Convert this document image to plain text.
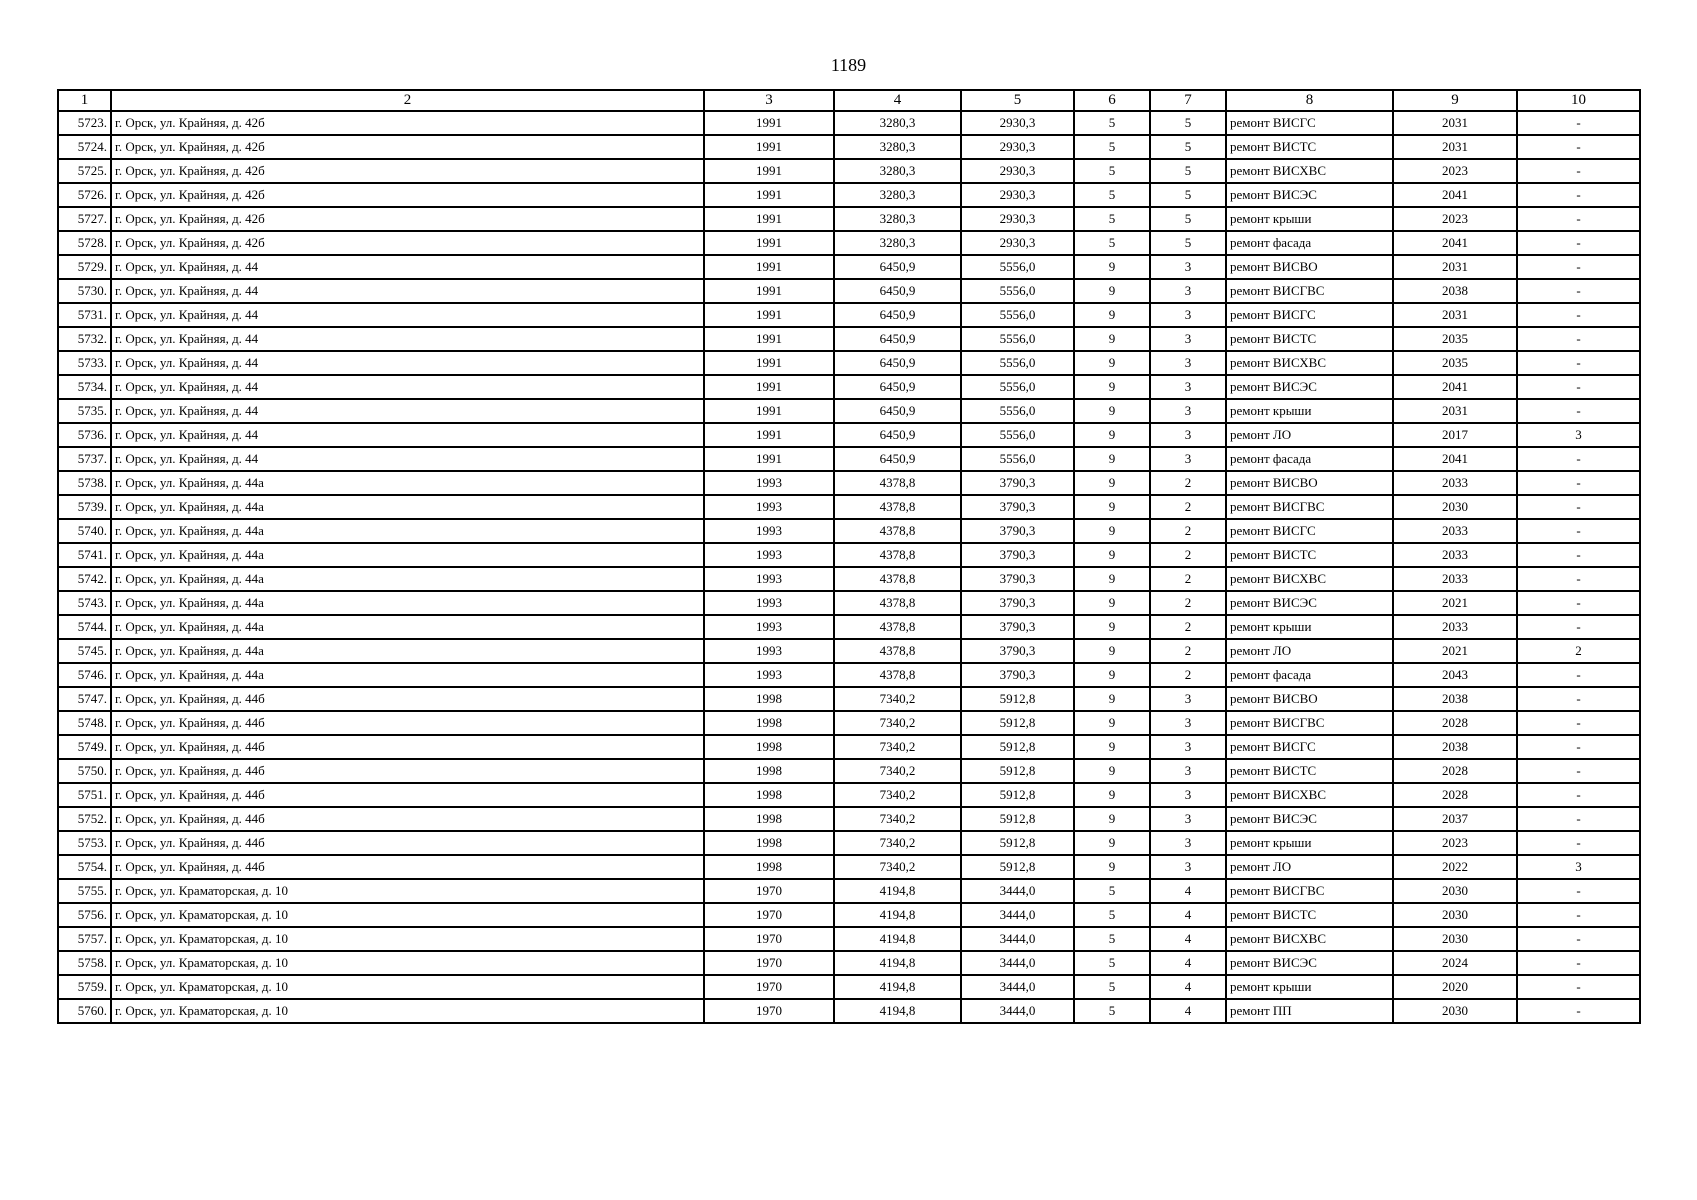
1189
1	2	3	4	5	6	7	8	9	10
5723.	г. Орск, ул. Крайняя, д. 42б	1991	3280,3	2930,3	5	5	ремонт ВИСГС	2031	-
5724.	г. Орск, ул. Крайняя, д. 42б	1991	3280,3	2930,3	5	5	ремонт ВИСТС	2031	-
5725.	г. Орск, ул. Крайняя, д. 42б	1991	3280,3	2930,3	5	5	ремонт ВИСХВС	2023	-
5726.	г. Орск, ул. Крайняя, д. 42б	1991	3280,3	2930,3	5	5	ремонт ВИСЭС	2041	-
5727.	г. Орск, ул. Крайняя, д. 42б	1991	3280,3	2930,3	5	5	ремонт крыши	2023	-
5728.	г. Орск, ул. Крайняя, д. 42б	1991	3280,3	2930,3	5	5	ремонт фасада	2041	-
5729.	г. Орск, ул. Крайняя, д. 44	1991	6450,9	5556,0	9	3	ремонт ВИСВО	2031	-
5730.	г. Орск, ул. Крайняя, д. 44	1991	6450,9	5556,0	9	3	ремонт ВИСГВС	2038	-
5731.	г. Орск, ул. Крайняя, д. 44	1991	6450,9	5556,0	9	3	ремонт ВИСГС	2031	-
5732.	г. Орск, ул. Крайняя, д. 44	1991	6450,9	5556,0	9	3	ремонт ВИСТС	2035	-
5733.	г. Орск, ул. Крайняя, д. 44	1991	6450,9	5556,0	9	3	ремонт ВИСХВС	2035	-
5734.	г. Орск, ул. Крайняя, д. 44	1991	6450,9	5556,0	9	3	ремонт ВИСЭС	2041	-
5735.	г. Орск, ул. Крайняя, д. 44	1991	6450,9	5556,0	9	3	ремонт крыши	2031	-
5736.	г. Орск, ул. Крайняя, д. 44	1991	6450,9	5556,0	9	3	ремонт ЛО	2017	3
5737.	г. Орск, ул. Крайняя, д. 44	1991	6450,9	5556,0	9	3	ремонт фасада	2041	-
5738.	г. Орск, ул. Крайняя, д. 44а	1993	4378,8	3790,3	9	2	ремонт ВИСВО	2033	-
5739.	г. Орск, ул. Крайняя, д. 44а	1993	4378,8	3790,3	9	2	ремонт ВИСГВС	2030	-
5740.	г. Орск, ул. Крайняя, д. 44а	1993	4378,8	3790,3	9	2	ремонт ВИСГС	2033	-
5741.	г. Орск, ул. Крайняя, д. 44а	1993	4378,8	3790,3	9	2	ремонт ВИСТС	2033	-
5742.	г. Орск, ул. Крайняя, д. 44а	1993	4378,8	3790,3	9	2	ремонт ВИСХВС	2033	-
5743.	г. Орск, ул. Крайняя, д. 44а	1993	4378,8	3790,3	9	2	ремонт ВИСЭС	2021	-
5744.	г. Орск, ул. Крайняя, д. 44а	1993	4378,8	3790,3	9	2	ремонт крыши	2033	-
5745.	г. Орск, ул. Крайняя, д. 44а	1993	4378,8	3790,3	9	2	ремонт ЛО	2021	2
5746.	г. Орск, ул. Крайняя, д. 44а	1993	4378,8	3790,3	9	2	ремонт фасада	2043	-
5747.	г. Орск, ул. Крайняя, д. 44б	1998	7340,2	5912,8	9	3	ремонт ВИСВО	2038	-
5748.	г. Орск, ул. Крайняя, д. 44б	1998	7340,2	5912,8	9	3	ремонт ВИСГВС	2028	-
5749.	г. Орск, ул. Крайняя, д. 44б	1998	7340,2	5912,8	9	3	ремонт ВИСГС	2038	-
5750.	г. Орск, ул. Крайняя, д. 44б	1998	7340,2	5912,8	9	3	ремонт ВИСТС	2028	-
5751.	г. Орск, ул. Крайняя, д. 44б	1998	7340,2	5912,8	9	3	ремонт ВИСХВС	2028	-
5752.	г. Орск, ул. Крайняя, д. 44б	1998	7340,2	5912,8	9	3	ремонт ВИСЭС	2037	-
5753.	г. Орск, ул. Крайняя, д. 44б	1998	7340,2	5912,8	9	3	ремонт крыши	2023	-
5754.	г. Орск, ул. Крайняя, д. 44б	1998	7340,2	5912,8	9	3	ремонт ЛО	2022	3
5755.	г. Орск, ул. Краматорская, д. 10	1970	4194,8	3444,0	5	4	ремонт ВИСГВС	2030	-
5756.	г. Орск, ул. Краматорская, д. 10	1970	4194,8	3444,0	5	4	ремонт ВИСТС	2030	-
5757.	г. Орск, ул. Краматорская, д. 10	1970	4194,8	3444,0	5	4	ремонт ВИСХВС	2030	-
5758.	г. Орск, ул. Краматорская, д. 10	1970	4194,8	3444,0	5	4	ремонт ВИСЭС	2024	-
5759.	г. Орск, ул. Краматорская, д. 10	1970	4194,8	3444,0	5	4	ремонт крыши	2020	-
5760.	г. Орск, ул. Краматорская, д. 10	1970	4194,8	3444,0	5	4	ремонт ПП	2030	-
